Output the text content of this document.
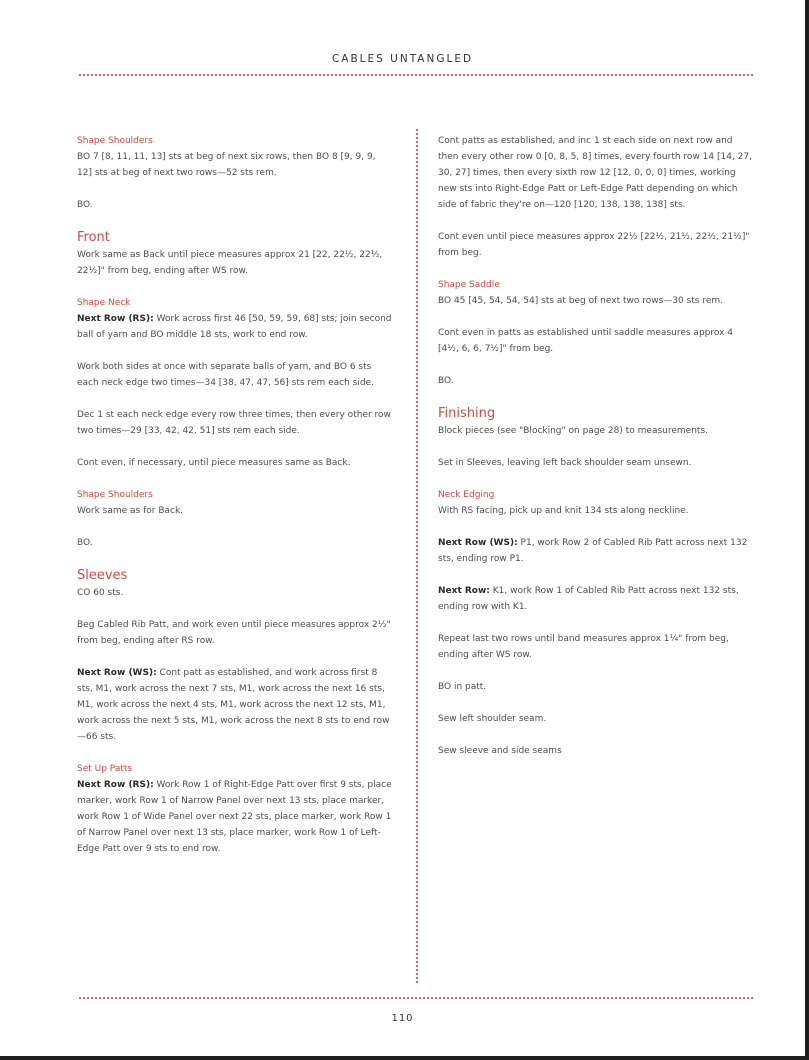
CABLES UNTANGLED
Shape Shoulders

BO 7 [8, 11, 11, 13] sts at beg of next six rows, then BO 8 [9, 9, 9, 12] sts at beg of next two rows—52 sts rem.

BO.

Front

Work same as Back until piece measures approx 21 [22, 22½, 22½, 22½]" from beg, ending after WS row.

Shape Neck

Next Row (RS): Work across first 46 [50, 59, 59, 68] sts; join second ball of yarn and BO middle 18 sts, work to end row.

Work both sides at once with separate balls of yarn, and BO 6 sts each neck edge two times—34 [38, 47, 47, 56] sts rem each side.

Dec 1 st each neck edge every row three times, then every other row two times—29 [33, 42, 42, 51] sts rem each side.

Cont even, if necessary, until piece measures same as Back.

Shape Shoulders

Work same as for Back.

BO.

Sleeves

CO 60 sts.

Beg Cabled Rib Patt, and work even until piece measures approx 2½" from beg, ending after RS row.

Next Row (WS): Cont patt as established, and work across first 8 sts, M1, work across the next 7 sts, M1, work across the next 16 sts, M1, work across the next 4 sts, M1, work across the next 12 sts, M1, work across the next 5 sts, M1, work across the next 8 sts to end row—66 sts.

Set Up Patts

Next Row (RS): Work Row 1 of Right-Edge Patt over first 9 sts, place marker, work Row 1 of Narrow Panel over next 13 sts, place marker, work Row 1 of Wide Panel over next 22 sts, place marker, work Row 1 of Narrow Panel over next 13 sts, place marker, work Row 1 of Left-Edge Patt over 9 sts to end row.

Cont patts as established, and inc 1 st each side on next row and then every other row 0 [0, 8, 5, 8] times, every fourth row 14 [14, 27, 30, 27] times, then every sixth row 12 [12, 0, 0, 0] times, working new sts into Right-Edge Patt or Left-Edge Patt depending on which side of fabric they're on—120 [120, 138, 138, 138] sts.

Cont even until piece measures approx 22½ [22½, 21½, 22½, 21½]" from beg.

Shape Saddle

BO 45 [45, 54, 54, 54] sts at beg of next two rows—30 sts rem.

Cont even in patts as established until saddle measures approx 4 [4½, 6, 6, 7½]" from beg.

BO.

Finishing

Block pieces (see "Blocking" on page 28) to measurements.

Set in Sleeves, leaving left back shoulder seam unsewn.

Neck Edging

With RS facing, pick up and knit 134 sts along neckline.

Next Row (WS): P1, work Row 2 of Cabled Rib Patt across next 132 sts, ending row P1.

Next Row: K1, work Row 1 of Cabled Rib Patt across next 132 sts, ending row with K1.

Repeat last two rows until band measures approx 1¼" from beg, ending after WS row.

BO in patt.

Sew left shoulder seam.

Sew sleeve and side seams

110
